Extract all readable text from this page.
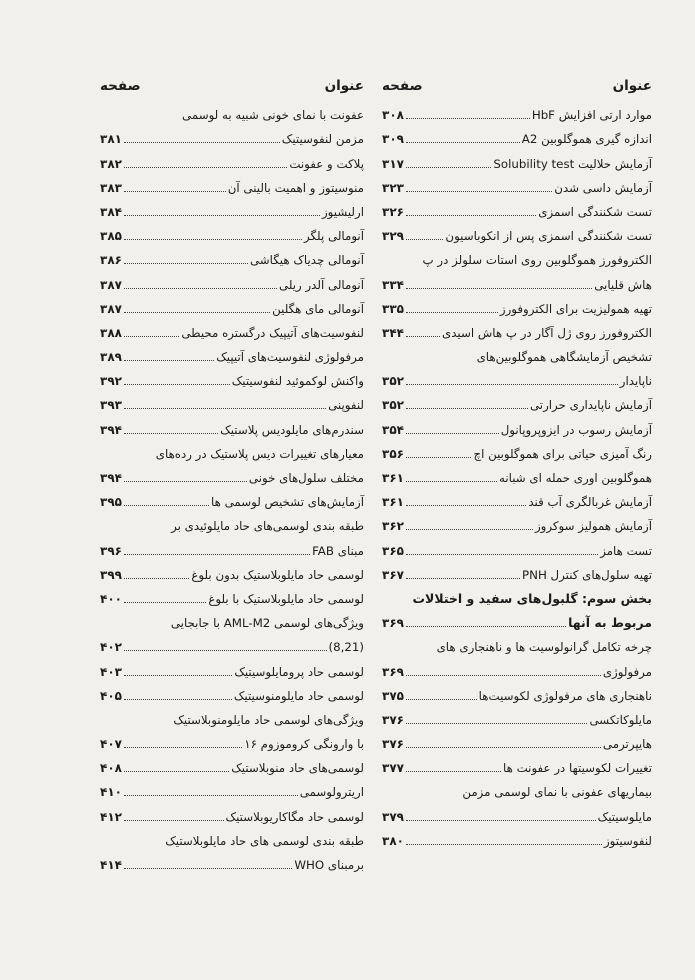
عنوان
صفحه
موارد ارتی افزایش HbF
۳۰۸
اندازه گیری هموگلوبین A2
۳۰۹
آزمایش حلالیت Solubility test
۳۱۷
آزمایش داسی شدن
۳۲۳
تست شکنندگی اسمزی
۳۲۶
تست شکنندگی اسمزی پس از انکوباسیون
۳۲۹
الکتروفورز هموگلوبین روی استات سلولز در پ
هاش قلیایی
۳۳۴
تهیه همولیزیت برای الکتروفورز
۳۳۵
الکتروفورز روی ژل آگار در پ هاش اسیدی
۳۴۴
تشخیص آزمایشگاهی هموگلوبین‌های
ناپایدار
۳۵۲
آزمایش ناپایداری حرارتی
۳۵۲
آزمایش رسوب در ایزوپروپانول
۳۵۴
رنگ آمیزی حیاتی برای هموگلوبین اچ
۳۵۶
هموگلوبین اوری حمله ای شبانه
۳۶۱
آزمایش غربالگری آب قند
۳۶۱
آزمایش همولیز سوکروز
۳۶۲
تست هامز
۳۶۵
تهیه سلول‌های کنترل PNH
۳۶۷
بخش سوم: گلبول‌های سفید و اختلالات
مربوط به آنها
۳۶۹
چرخه تکامل گرانولوسیت ها و ناهنجاری های
مرفولوژی
۳۶۹
ناهنجاری های مرفولوژی لکوسیت‌ها
۳۷۵
مایلوکاتکسی
۳۷۶
هایپرترمی
۳۷۶
تغییرات لکوسیتها در عفونت ها
۳۷۷
بیماریهای عفونی با نمای لوسمی مزمن
مایلوسیتیک
۳۷۹
لنفوسیتوز
۳۸۰
عنوان
صفحه
عفونت با نمای خونی شبیه به لوسمی
مزمن لنفوسیتیک
۳۸۱
پلاکت و عفونت
۳۸۲
منوسیتوز و اهمیت بالینی آن
۳۸۳
ارلیشیوز
۳۸۴
آنومالی پلگر
۳۸۵
آنومالی چدیاک هیگاشی
۳۸۶
آنومالی آلدر ریلی
۳۸۷
آنومالی مای هگلین
۳۸۷
لنفوسیت‌های آتیپیک درگستره محیطی
۳۸۸
مرفولوژی لنفوسیت‌های آتیپیک
۳۸۹
واکنش لوکموئید لنفوسیتیک
۳۹۲
لنفوپنی
۳۹۳
سندرم‌های مایلودیس پلاستیک
۳۹۴
معیارهای تغییرات دیس پلاستیک در رده‌های
مختلف سلول‌های خونی
۳۹۴
آزمایش‌های تشخیص لوسمی ها
۳۹۵
طبقه بندی لوسمی‌های حاد مایلوئیدی بر
مبنای FAB
۳۹۶
لوسمی حاد مایلوبلاستیک بدون بلوغ
۳۹۹
لوسمی حاد مایلوبلاستیک با بلوغ
۴۰۰
ویژگی‌های لوسمی AML-M2 با جابجایی
(8,21)
۴۰۲
لوسمی حاد پرومایلوسیتیک
۴۰۳
لوسمی حاد مایلومنوسیتیک
۴۰۵
ویژگی‌های لوسمی حاد مایلومنوبلاستیک
با وارونگی کروموزوم ۱۶
۴۰۷
لوسمی‌های حاد منوبلاستیک
۴۰۸
اریترولوسمی
۴۱۰
لوسمی حاد مگاکاریوبلاستیک
۴۱۲
طبقه بندی لوسمی های حاد مایلوبلاستیک
برمبنای WHO
۴۱۴
